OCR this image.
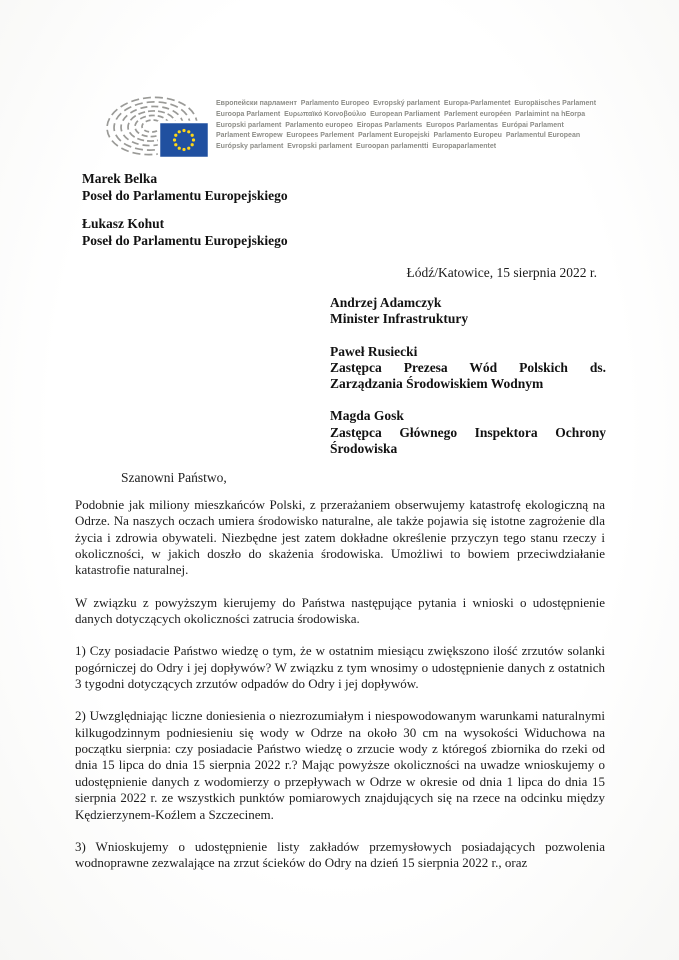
Европейски парламент  Parlamento Europeo  Evropský parlament  Europa-Parlamentet  Europäisches Parlament
Euroopa Parlament  Ευρωπαϊκό Κοινοβούλιο  European Parliament  Parlement européen  Parlaimint na hEorpa
Europski parlament  Parlamento europeo  Eiropas Parlaments  Europos Parlamentas  Európai Parlament
Parlament Ewropew  Europees Parlement  Parlament Europejski  Parlamento Europeu  Parlamentul European
Európsky parlament  Evropski parlament  Euroopan parlamentti  Europaparlamentet
Marek Belka
Poseł do Parlamentu Europejskiego
Łukasz Kohut
Poseł do Parlamentu Europejskiego
Łódź/Katowice, 15 sierpnia 2022 r.
Andrzej Adamczyk
Minister Infrastruktury
Paweł Rusiecki
Zastępca Prezesa Wód Polskich ds. Zarządzania Środowiskiem Wodnym
Magda Gosk
Zastępca Głównego Inspektora Ochrony Środowiska
Szanowni Państwo,

Podobnie jak miliony mieszkańców Polski, z przerażaniem obserwujemy katastrofę ekologiczną na Odrze. Na naszych oczach umiera środowisko naturalne, ale także pojawia się istotne zagrożenie dla życia i zdrowia obywateli. Niezbędne jest zatem dokładne określenie przyczyn tego stanu rzeczy i okoliczności, w jakich doszło do skażenia środowiska. Umożliwi to bowiem przeciwdziałanie katastrofie naturalnej.

W związku z powyższym kierujemy do Państwa następujące pytania i wnioski o udostępnienie danych dotyczących okoliczności zatrucia środowiska.

1) Czy posiadacie Państwo wiedzę o tym, że w ostatnim miesiącu zwiększono ilość zrzutów solanki pogórniczej do Odry i jej dopływów? W związku z tym wnosimy o udostępnienie danych z ostatnich 3 tygodni dotyczących zrzutów odpadów do Odry i jej dopływów.

2) Uwzględniając liczne doniesienia o niezrozumiałym i niespowodowanym warunkami naturalnymi kilkugodzinnym podniesieniu się wody w Odrze na około 30 cm na wysokości Widuchowa na początku sierpnia: czy posiadacie Państwo wiedzę o zrzucie wody z któregoś zbiornika do rzeki od dnia 15 lipca do dnia 15 sierpnia 2022 r.? Mając powyższe okoliczności na uwadze wnioskujemy o udostępnienie danych z wodomierzy o przepływach w Odrze w okresie od dnia 1 lipca do dnia 15 sierpnia 2022 r. ze wszystkich punktów pomiarowych znajdujących się na rzece na odcinku między Kędzierzynem-Koźlem a Szczecinem.

3) Wnioskujemy o udostępnienie listy zakładów przemysłowych posiadających pozwolenia wodnoprawne zezwalające na zrzut ścieków do Odry na dzień 15 sierpnia 2022 r., oraz
